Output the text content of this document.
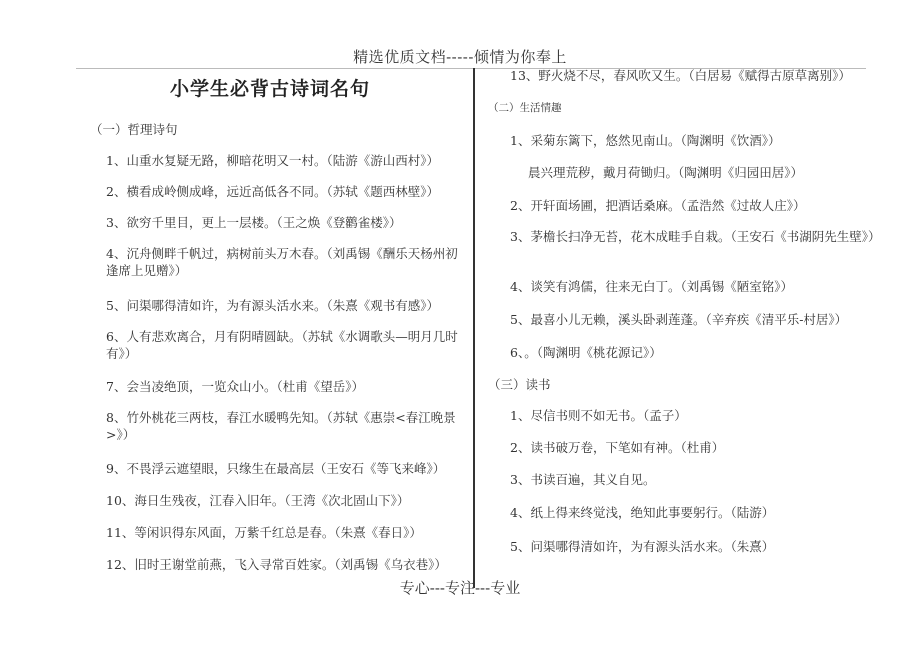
精选优质文档-----倾情为你奉上
小学生必背古诗词名句
（一）哲理诗句
1、山重水复疑无路，柳暗花明又一村。（陆游《游山西村》）
2、横看成岭侧成峰，远近高低各不同。（苏轼《题西林壁》）
3、欲穷千里目，更上一层楼。（王之焕《登鹳雀楼》）
4、沉舟侧畔千帆过，病树前头万木春。（刘禹锡《酬乐天杨州初逢席上见赠》）
5、问渠哪得清如许，为有源头活水来。（朱熹《观书有感》）
6、人有悲欢离合，月有阴晴圆缺。（苏轼《水调歌头—明月几时有》）
7、会当凌绝顶，一览众山小。（杜甫《望岳》）
8、竹外桃花三两枝，春江水暖鸭先知。（苏轼《惠崇<春江晚景>》）
9、不畏浮云遮望眼，只缘生在最高层（王安石《等飞来峰》）
10、海日生残夜，江春入旧年。（王湾《次北固山下》）
11、等闲识得东风面，万紫千红总是春。（朱熹《春日》）
12、旧时王谢堂前燕，飞入寻常百姓家。（刘禹锡《乌衣巷》）
13、野火烧不尽，春风吹又生。（白居易《赋得古原草离别》）
（二）生活情趣
1、采菊东篱下，悠然见南山。（陶渊明《饮酒》）
晨兴理荒秽，戴月荷锄归。（陶渊明《归园田居》）
2、开轩面场圃，把酒话桑麻。（孟浩然《过故人庄》）
3、茅檐长扫净无苔，花木成畦手自栽。（王安石《书湖阴先生壁》）
4、谈笑有鸿儒，往来无白丁。（刘禹锡《陋室铭》）
5、最喜小儿无赖，溪头卧剥莲蓬。（辛弃疾《清平乐-村居》）
6、。（陶渊明《桃花源记》）
（三）读书
1、尽信书则不如无书。（孟子）
2、读书破万卷，下笔如有神。（杜甫）
3、书读百遍，其义自见。
4、纸上得来终觉浅，绝知此事要躬行。（陆游）
5、问渠哪得清如许，为有源头活水来。（朱熹）
专心---专注---专业
